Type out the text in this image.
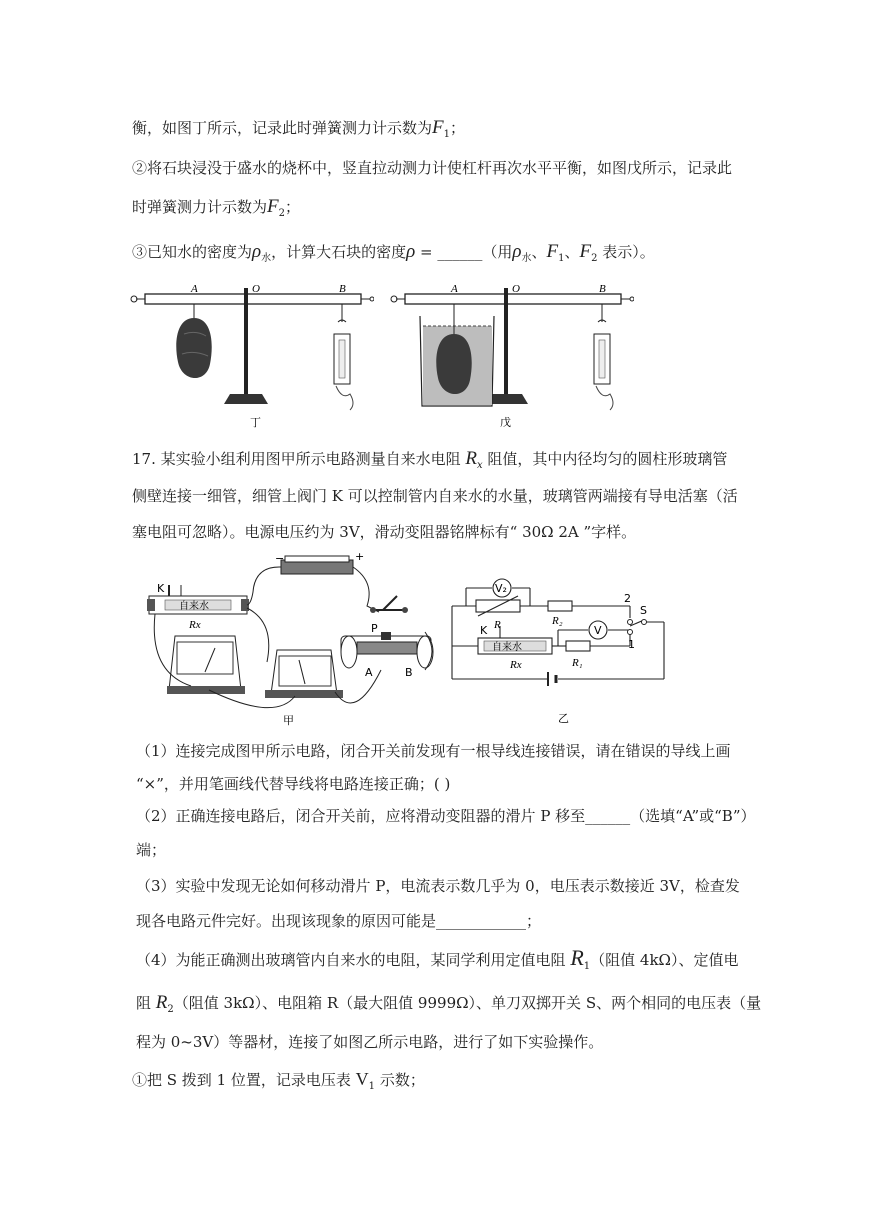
衡，如图丁所示，记录此时弹簧测力计示数为$F_1$；
②将石块浸没于盛水的烧杯中，竖直拉动测力计使杠杆再次水平平衡，如图戊所示，记录此
时弹簧测力计示数为$F_2$；
③已知水的密度为$\rho_水$，计算大石块的密度ρ = ______（用$\rho_水$、$F_1$、$F_2$ 表示）。
A	O	B
丁
A	O	B
戊
17. 某实验小组利用图甲所示电路测量自来水电阻 $R_x$ 阻值，其中内径均匀的圆柱形玻璃管
侧壁连接一细管，细管上阀门 K 可以控制管内自来水的水量，玻璃管两端接有导电活塞（活
塞电阻可忽略）。电源电压约为 3V，滑动变阻器铭牌标有“ 30Ω 2A ”字样。
−	+
K
自来水
Rx	P
A	B
甲
V₂
R	R₂
2
S
K
自来水
V
1
Rx	R₁
乙
（1）连接完成图甲所示电路，闭合开关前发现有一根导线连接错误，请在错误的导线上画
“×”，并用笔画线代替导线将电路连接正确；( )
（2）正确连接电路后，闭合开关前，应将滑动变阻器的滑片 P 移至______（选填“A”或“B”）
端；
（3）实验中发现无论如何移动滑片 P，电流表示数几乎为 0，电压表示数接近 3V，检查发
现各电路元件完好。出现该现象的原因可能是____________；
（4）为能正确测出玻璃管内自来水的电阻，某同学利用定值电阻 $R_1$（阻值 4kΩ）、定值电
阻 $R_2$（阻值 3kΩ）、电阻箱 R（最大阻值 9999Ω）、单刀双掷开关 S、两个相同的电压表（量
程为 0~3V）等器材，连接了如图乙所示电路，进行了如下实验操作。
①把 S 拨到 1 位置，记录电压表 $V_1$ 示数；
